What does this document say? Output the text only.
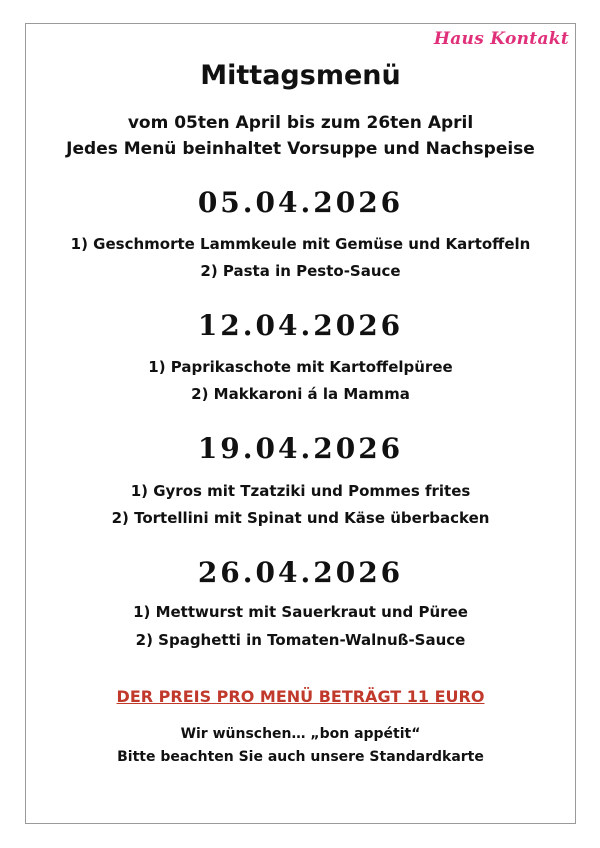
Haus Kontakt
Mittagsmenü
vom 05ten April bis zum 26ten April
Jedes Menü beinhaltet Vorsuppe und Nachspeise
05.04.2026
1) Geschmorte Lammkeule mit Gemüse und Kartoffeln
2) Pasta in Pesto-Sauce
12.04.2026
1) Paprikaschote mit Kartoffelpüree
2) Makkaroni á la Mamma
19.04.2026
1) Gyros mit Tzatziki und Pommes frites
2) Tortellini mit Spinat und Käse überbacken
26.04.2026
1) Mettwurst mit Sauerkraut und Püree
2) Spaghetti in Tomaten-Walnuß-Sauce
DER PREIS PRO MENÜ BETRÄGT 11 EURO
Wir wünschen… „bon appétit“
Bitte beachten Sie auch unsere Standardkarte
